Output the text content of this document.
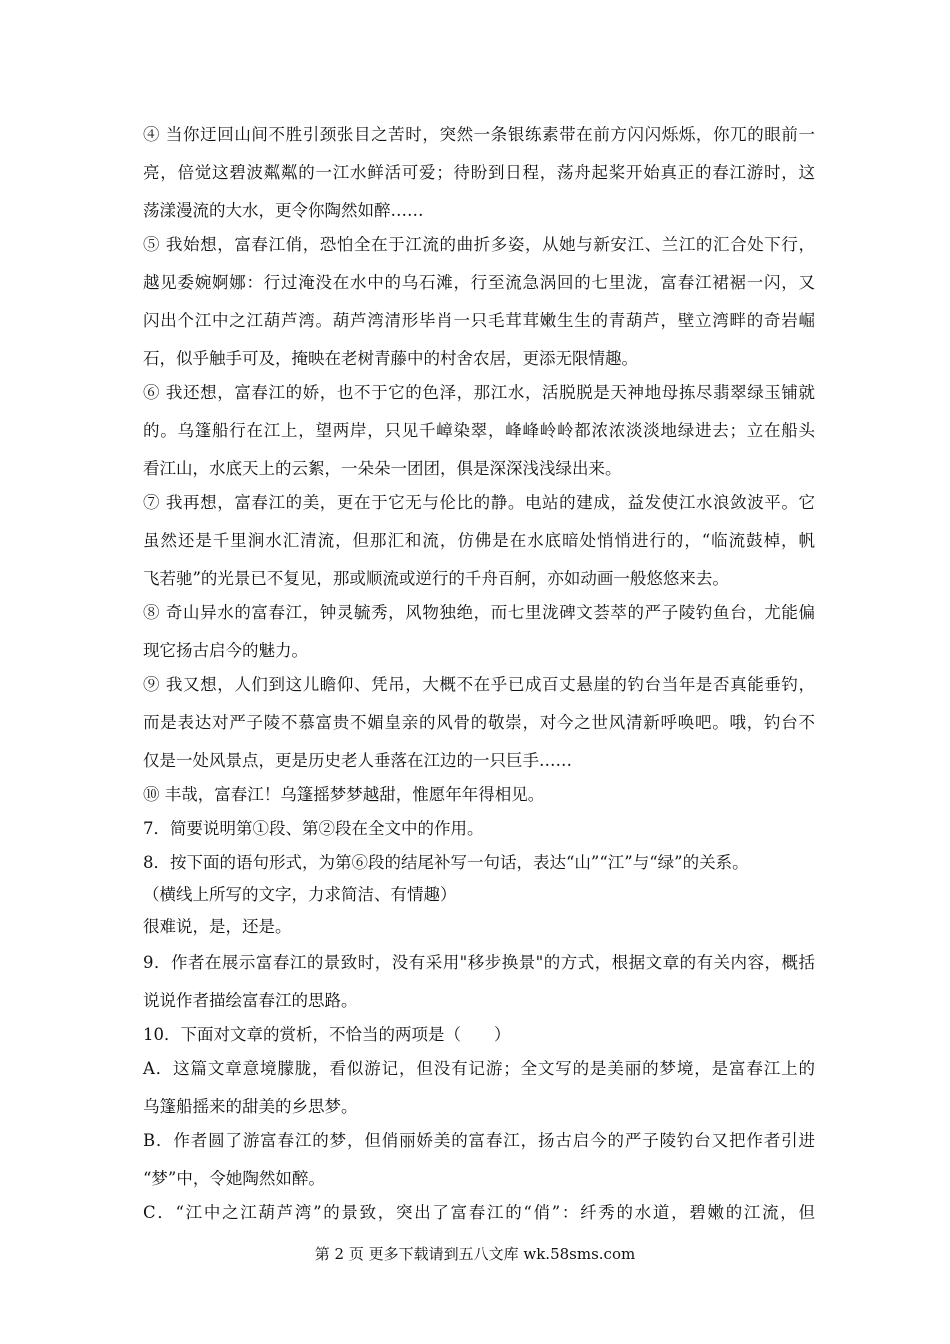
④ 当你迂回山间不胜引颈张目之苦时，突然一条银练素带在前方闪闪烁烁，你兀的眼前一
亮，倍觉这碧波粼粼的一江水鲜活可爱；待盼到日程，荡舟起桨开始真正的春江游时，这
荡漾漫流的大水，更令你陶然如醉……
⑤ 我始想，富春江俏，恐怕全在于江流的曲折多姿，从她与新安江、兰江的汇合处下行，
越见委婉婀娜：行过淹没在水中的乌石滩，行至流急涡回的七里泷，富春江裙裾一闪，又
闪出个江中之江葫芦湾。葫芦湾清形毕肖一只毛茸茸嫩生生的青葫芦，壁立湾畔的奇岩崛
石，似乎触手可及，掩映在老树青藤中的村舍农居，更添无限情趣。
⑥ 我还想，富春江的娇，也不于它的色泽，那江水，活脱脱是天神地母拣尽翡翠绿玉铺就
的。乌篷船行在江上，望两岸，只见千嶂染翠，峰峰岭岭都浓浓淡淡地绿进去；立在船头
看江山，水底天上的云絮，一朵朵一团团，俱是深深浅浅绿出来。
⑦ 我再想，富春江的美，更在于它无与伦比的静。电站的建成，益发使江水浪敛波平。它
虽然还是千里涧水汇清流，但那汇和流，仿佛是在水底暗处悄悄进行的，“临流鼓棹，帆
飞若驰”的光景已不复见，那或顺流或逆行的千舟百舸，亦如动画一般悠悠来去。
⑧ 奇山异水的富春江，钟灵毓秀，风物独绝，而七里泷碑文荟萃的严子陵钓鱼台，尤能偏
现它扬古启今的魅力。
⑨ 我又想，人们到这儿瞻仰、凭吊，大概不在乎已成百丈悬崖的钓台当年是否真能垂钓，
而是表达对严子陵不慕富贵不媚皇亲的风骨的敬崇，对今之世风清新呼唤吧。哦，钓台不
仅是一处风景点，更是历史老人垂落在江边的一只巨手……
⑩ 丰哉，富春江！乌篷摇梦梦越甜，惟愿年年得相见。
7．简要说明第①段、第②段在全文中的作用。
8．按下面的语句形式，为第⑥段的结尾补写一句话，表达“山”“江”与“绿”的关系。
（横线上所写的文字，力求简洁、有情趣）
很难说，是，还是。
9．作者在展示富春江的景致时，没有采用"移步换景"的方式，根据文章的有关内容，概括
说说作者描绘富春江的思路。
10．下面对文章的赏析，不恰当的两项是（　　）
A．这篇文章意境朦胧，看似游记，但没有记游；全文写的是美丽的梦境，是富春江上的
乌篷船摇来的甜美的乡思梦。
B．作者圆了游富春江的梦，但俏丽娇美的富春江，扬古启今的严子陵钓台又把作者引进
“梦”中，令她陶然如醉。
C．“江中之江葫芦湾”的景致，突出了富春江的“俏”：纤秀的水道，碧嫩的江流，但
第 2 页 更多下载请到五八文库 wk.58sms.com
